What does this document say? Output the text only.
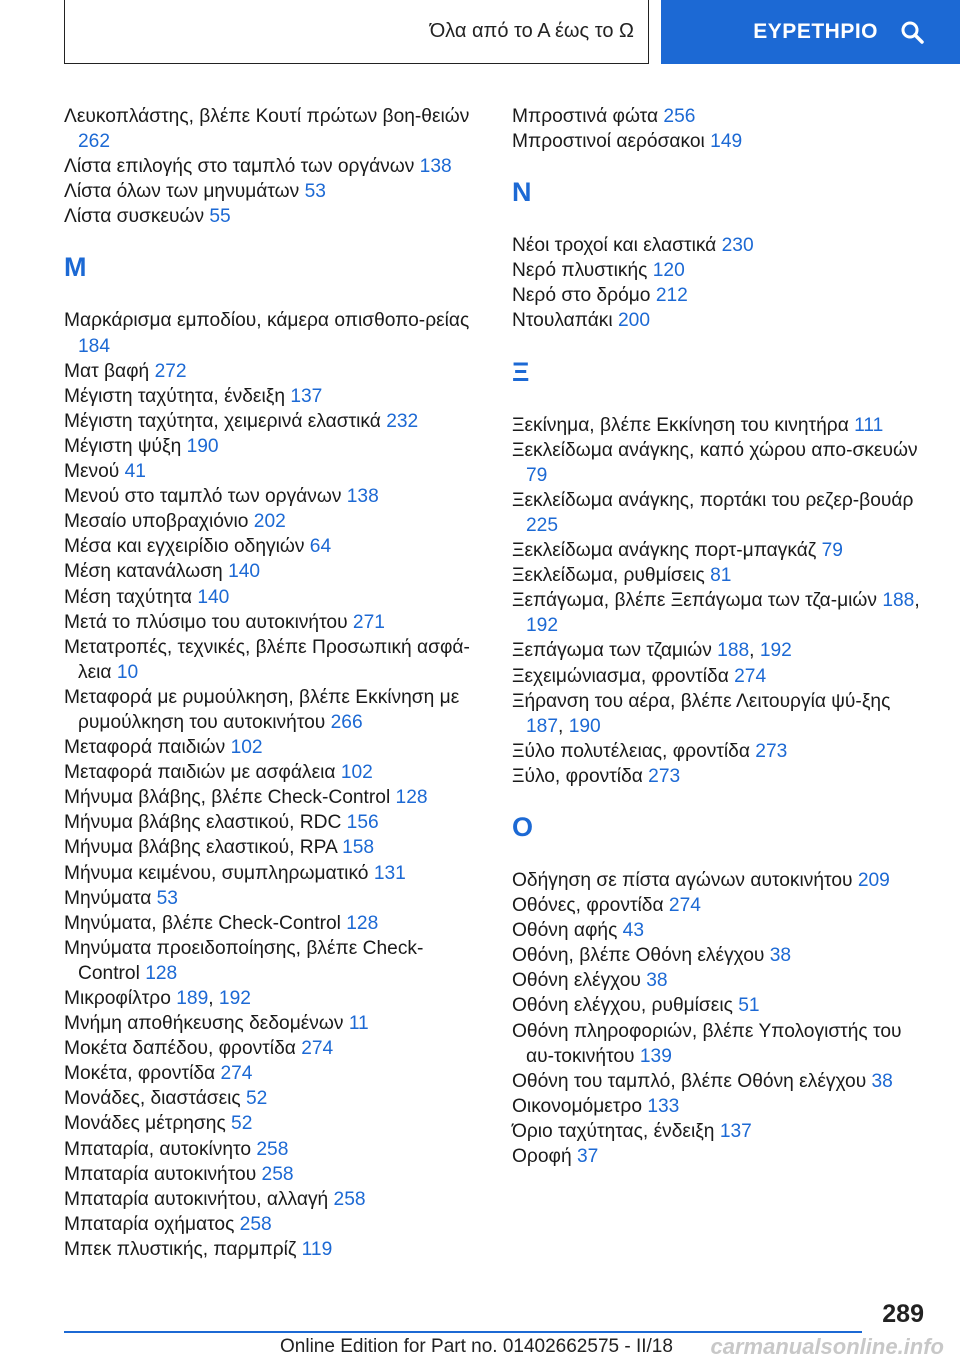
Όλα από το Α έως το Ω	ΕΥΡΕΤΗΡΙΟ
Λευκοπλάστης, βλέπε Κουτί πρώτων βοη-θειών 262
Λίστα επιλογής στο ταμπλό των οργάνων 138
Λίστα όλων των μηνυμάτων 53
Λίστα συσκευών 55
Μ
Μαρκάρισμα εμποδίου, κάμερα οπισθοπο-ρείας 184
Ματ βαφή 272
Μέγιστη ταχύτητα, ένδειξη 137
Μέγιστη ταχύτητα, χειμερινά ελαστικά 232
Μέγιστη ψύξη 190
Μενού 41
Μενού στο ταμπλό των οργάνων 138
Μεσαίο υποβραχιόνιο 202
Μέσα και εγχειρίδιο οδηγιών 64
Μέση κατανάλωση 140
Μέση ταχύτητα 140
Μετά το πλύσιμο του αυτοκινήτου 271
Μετατροπές, τεχνικές, βλέπε Προσωπική ασφά-λεια 10
Μεταφορά με ρυμούλκηση, βλέπε Εκκίνηση με ρυμούλκηση του αυτοκινήτου 266
Μεταφορά παιδιών 102
Μεταφορά παιδιών με ασφάλεια 102
Μήνυμα βλάβης, βλέπε Check-Control 128
Μήνυμα βλάβης ελαστικού, RDC 156
Μήνυμα βλάβης ελαστικού, RPA 158
Μήνυμα κειμένου, συμπληρωματικό 131
Μηνύματα 53
Μηνύματα, βλέπε Check-Control 128
Μηνύματα προειδοποίησης, βλέπε Check-Control 128
Μικροφίλτρο 189, 192
Μνήμη αποθήκευσης δεδομένων 11
Μοκέτα δαπέδου, φροντίδα 274
Μοκέτα, φροντίδα 274
Μονάδες, διαστάσεις 52
Μονάδες μέτρησης 52
Μπαταρία, αυτοκίνητο 258
Μπαταρία αυτοκινήτου 258
Μπαταρία αυτοκινήτου, αλλαγή 258
Μπαταρία οχήματος 258
Μπεκ πλυστικής, παρμπρίζ 119
Μπροστινά φώτα 256
Μπροστινοί αερόσακοι 149
Ν
Νέοι τροχοί και ελαστικά 230
Νερό πλυστικής 120
Νερό στο δρόμο 212
Ντουλαπάκι 200
Ξ
Ξεκίνημα, βλέπε Εκκίνηση του κινητήρα 111
Ξεκλείδωμα ανάγκης, καπό χώρου απο-σκευών 79
Ξεκλείδωμα ανάγκης, πορτάκι του ρεζερ-βουάρ 225
Ξεκλείδωμα ανάγκης πορτ-μπαγκάζ 79
Ξεκλείδωμα, ρυθμίσεις 81
Ξεπάγωμα, βλέπε Ξεπάγωμα των τζα-μιών 188, 192
Ξεπάγωμα των τζαμιών 188, 192
Ξεχειμώνιασμα, φροντίδα 274
Ξήρανση του αέρα, βλέπε Λειτουργία ψύ-ξης 187, 190
Ξύλο πολυτέλειας, φροντίδα 273
Ξύλο, φροντίδα 273
Ο
Οδήγηση σε πίστα αγώνων αυτοκινήτου 209
Οθόνες, φροντίδα 274
Οθόνη αφής 43
Οθόνη, βλέπε Οθόνη ελέγχου 38
Οθόνη ελέγχου 38
Οθόνη ελέγχου, ρυθμίσεις 51
Οθόνη πληροφοριών, βλέπε Υπολογιστής του αυ-τοκινήτου 139
Οθόνη του ταμπλό, βλέπε Οθόνη ελέγχου 38
Οικονομόμετρο 133
Όριο ταχύτητας, ένδειξη 137
Οροφή 37
289
Online Edition for Part no. 01402662575 - II/18 carmanualsonline.info
